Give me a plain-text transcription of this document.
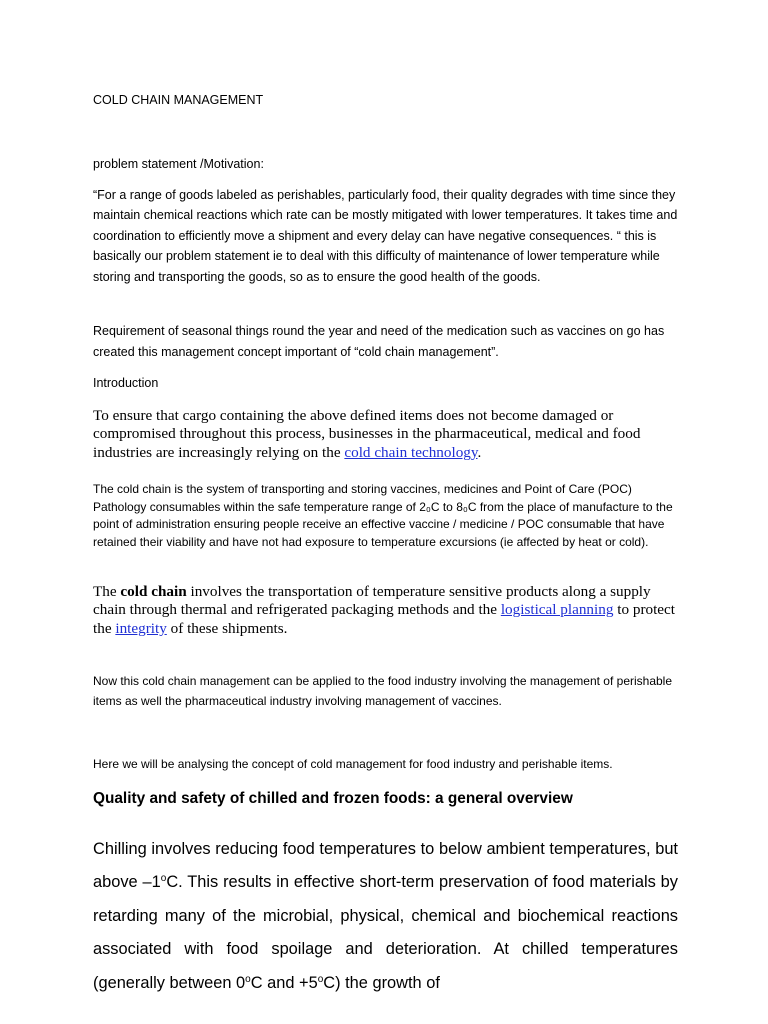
COLD CHAIN MANAGEMENT

problem statement /Motivation:

“For a range of goods labeled as perishables, particularly food, their quality degrades with time since they maintain chemical reactions which rate can be mostly mitigated with lower temperatures. It takes time and coordination to efficiently move a shipment and every delay can have negative consequences. “ this is basically our problem statement ie to deal with this difficulty of maintenance of lower temperature while storing and transporting the goods, so as to ensure the good health of the goods.

Requirement of seasonal things round the year and need of the medication such as vaccines on go has created this management concept important of “cold chain management”.

Introduction

To ensure that cargo containing the above defined items does not become damaged or compromised throughout this process, businesses in the pharmaceutical, medical and food industries are increasingly relying on the cold chain technology.

The cold chain is the system of transporting and storing vaccines, medicines and Point of Care (POC) Pathology consumables within the safe temperature range of 2₀C to 8₀C from the place of manufacture to the point of administration ensuring people receive an effective vaccine / medicine / POC consumable that have retained their viability and have not had exposure to temperature excursions (ie affected by heat or cold).

The cold chain involves the transportation of temperature sensitive products along a supply chain through thermal and refrigerated packaging methods and the logistical planning to protect the integrity of these shipments.

Now this cold chain management can be applied to the food industry involving the management of perishable items as well the pharmaceutical industry involving management of vaccines.

Here we will be analysing the concept of cold management for food industry and perishable items.

Quality and safety of chilled and frozen foods: a general overview

Chilling involves reducing food temperatures to below ambient temperatures, but above –1$^o$C. This results in effective short-term preservation of food materials by retarding many of the microbial, physical, chemical and biochemical reactions associated with food spoilage and deterioration. At chilled temperatures (generally between 0$^o$C and $+5^oC$) the growth of
